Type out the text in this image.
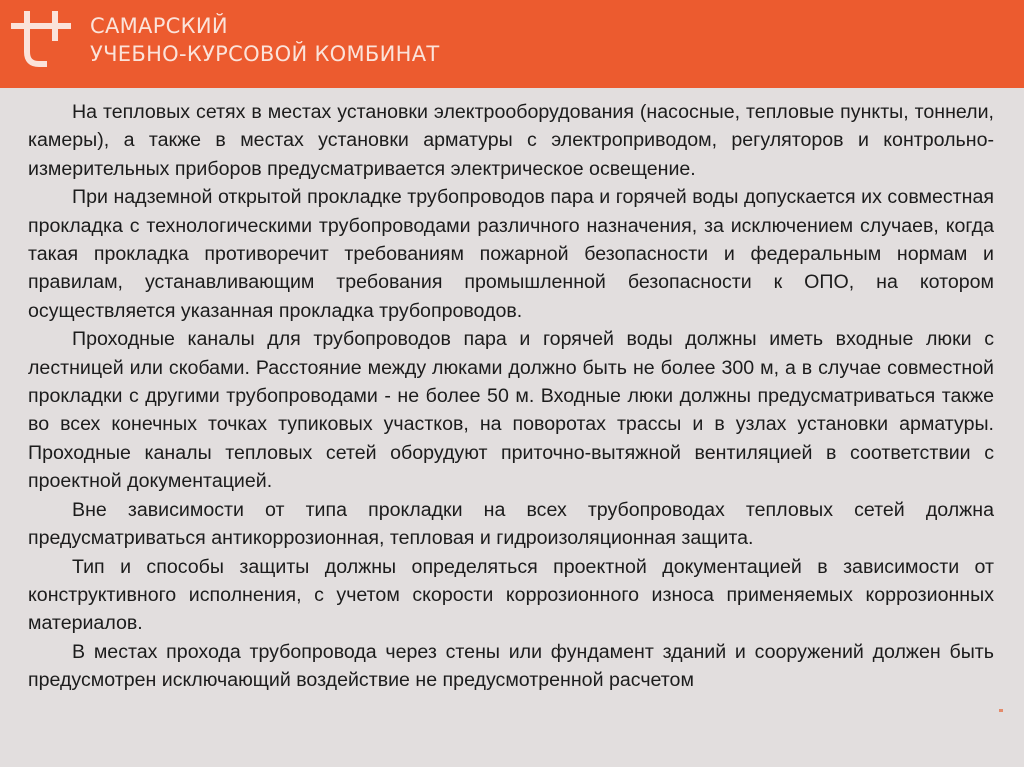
САМАРСКИЙ
УЧЕБНО-КУРСОВОЙ КОМБИНАТ

На тепловых сетях в местах установки электрооборудования (насосные, тепловые пункты, тоннели, камеры), а также в местах установки арматуры с электроприводом, регуляторов и контрольно-измерительных приборов предусматривается электрическое освещение.

При надземной открытой прокладке трубопроводов пара и горячей воды допускается их совместная прокладка с технологическими трубопроводами различного назначения, за исключением случаев, когда такая прокладка противоречит требованиям пожарной безопасности и федеральным нормам и правилам, устанавливающим требования промышленной безопасности к ОПО, на котором осуществляется указанная прокладка трубопроводов.

Проходные каналы для трубопроводов пара и горячей воды должны иметь входные люки с лестницей или скобами. Расстояние между люками должно быть не более 300 м, а в случае совместной прокладки с другими трубопроводами - не более 50 м. Входные люки должны предусматриваться также во всех конечных точках тупиковых участков, на поворотах трассы и в узлах установки арматуры. Проходные каналы тепловых сетей оборудуют приточно-вытяжной вентиляцией в соответствии с проектной документацией.

Вне зависимости от типа прокладки на всех трубопроводах тепловых сетей должна предусматриваться антикоррозионная, тепловая и гидроизоляционная защита.

Тип и способы защиты должны определяться проектной документацией в зависимости от конструктивного исполнения, с учетом скорости коррозионного износа применяемых коррозионных материалов.

В местах прохода трубопровода через стены или фундамент зданий и сооружений должен быть предусмотрен исключающий воздействие не предусмотренной расчетом
